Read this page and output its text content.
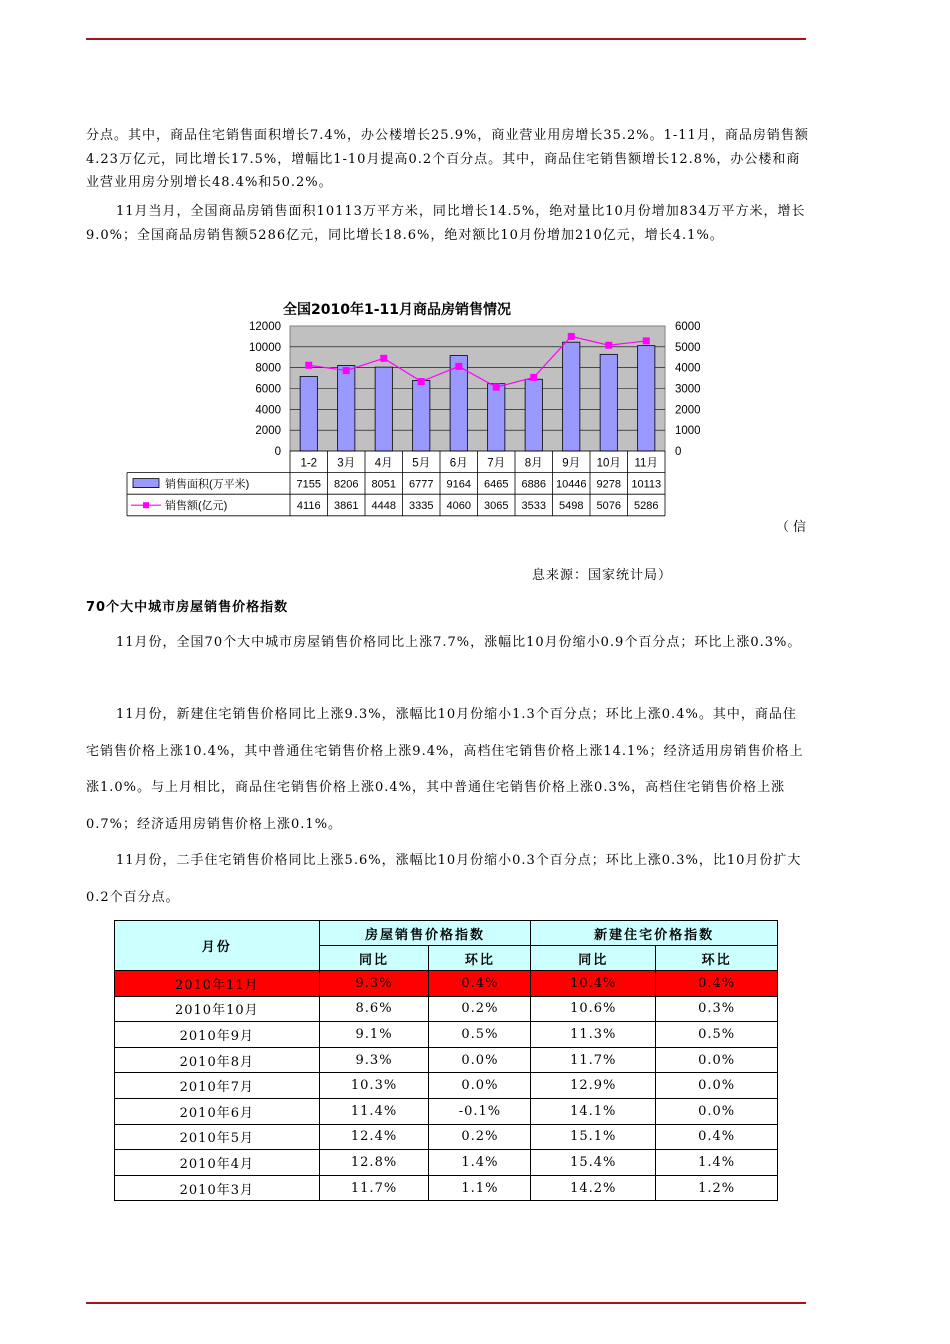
分点。其中，商品住宅销售面积增长7.4%，办公楼增长25.9%，商业营业用房增长35.2%。1-11月，商品房销售额4.23万亿元，同比增长17.5%，增幅比1-10月提高0.2个百分点。其中，商品住宅销售额增长12.8%，办公楼和商业营业用房分别增长48.4%和50.2%。

11月当月，全国商品房销售面积10113万平方米，同比增长14.5%，绝对量比10月份增加834万平方米，增长9.0%；全国商品房销售额5286亿元，同比增长18.6%，绝对额比10月份增加210亿元，增长4.1%。

全国2010年1-11月商品房销售情况
0
2000
4000
6000
8000
10000
12000
0
1000
2000
3000
4000
5000
6000
1-2 3月 4月 5月 6月 7月 8月 9月 10月 11月
7155 8206 8051 6777 9164 6465 6886 10446 9278 10113
4116 3861 4448 3335 4060 3065 3533 5498 5076 5286
销售面积(万平米)
销售额(亿元)
（信
息来源：国家统计局）

70个大中城市房屋销售价格指数

11月份，全国70个大中城市房屋销售价格同比上涨7.7%，涨幅比10月份缩小0.9个百分点；环比上涨0.3%。

11月份，新建住宅销售价格同比上涨9.3%，涨幅比10月份缩小1.3个百分点；环比上涨0.4%。其中，商品住宅销售价格上涨10.4%，其中普通住宅销售价格上涨9.4%，高档住宅销售价格上涨14.1%；经济适用房销售价格上涨1.0%。与上月相比，商品住宅销售价格上涨0.4%，其中普通住宅销售价格上涨0.3%，高档住宅销售价格上涨0.7%；经济适用房销售价格上涨0.1%。

11月份，二手住宅销售价格同比上涨5.6%，涨幅比10月份缩小0.3个百分点；环比上涨0.3%，比10月份扩大0.2个百分点。

月份	房屋销售价格指数		新建住宅价格指数	
	同比	环比	同比	环比
2010年11月	9.3%	0.4%	10.4%	0.4%
2010年10月	8.6%	0.2%	10.6%	0.3%
2010年9月	9.1%	0.5%	11.3%	0.5%
2010年8月	9.3%	0.0%	11.7%	0.0%
2010年7月	10.3%	0.0%	12.9%	0.0%
2010年6月	11.4%	-0.1%	14.1%	0.0%
2010年5月	12.4%	0.2%	15.1%	0.4%
2010年4月	12.8%	1.4%	15.4%	1.4%
2010年3月	11.7%	1.1%	14.2%	1.2%
